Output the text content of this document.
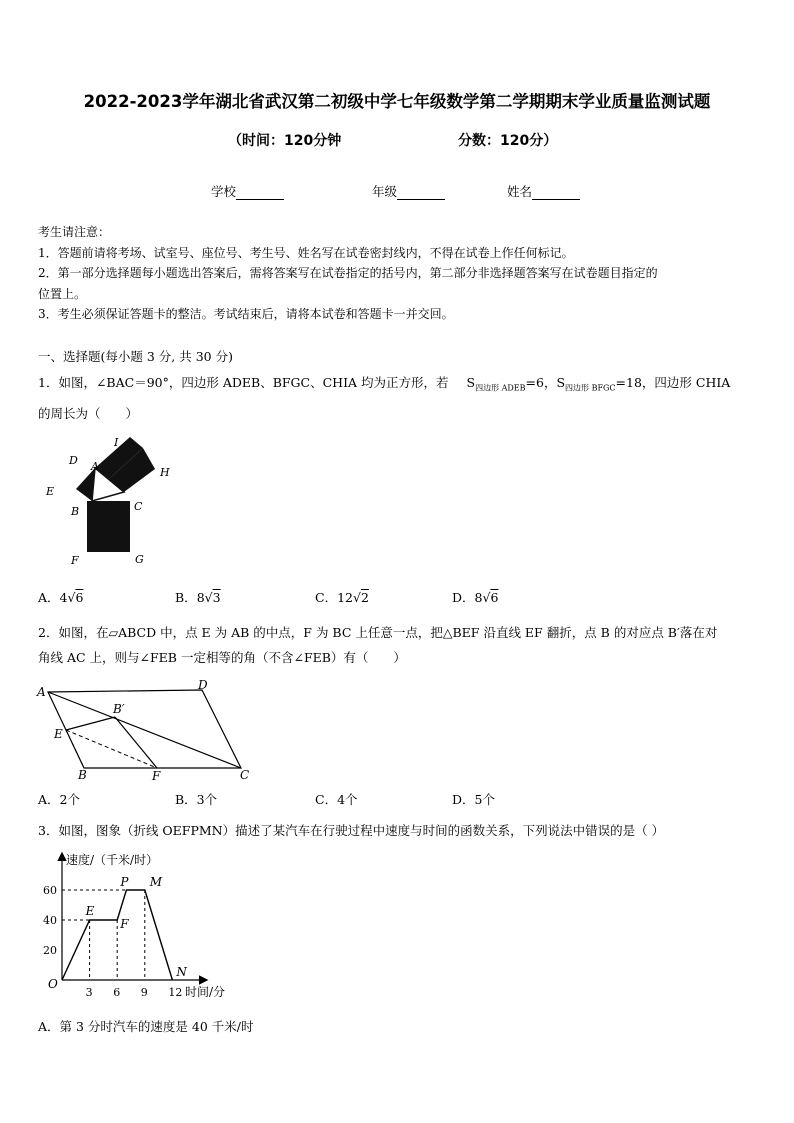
2022-2023学年湖北省武汉第二初级中学七年级数学第二学期期末学业质量监测试题
（时间：120分钟	分数：120分）
学校	年级	姓名
考生请注意：
1．答题前请将考场、试室号、座位号、考生号、姓名写在试卷密封线内，不得在试卷上作任何标记。
2．第一部分选择题每小题选出答案后，需将答案写在试卷指定的括号内，第二部分非选择题答案写在试卷题目指定的
位置上。
3．考生必须保证答题卡的整洁。考试结束后，请将本试卷和答题卡一并交回。
一、选择题(每小题 3 分, 共 30 分)
1．如图，∠BAC＝90°，四边形 ADEB、BFGC、CHIA 均为正方形，若 $S_{四边形 ADEB}=6$，$S_{四边形 BFGC}=18$，四边形 CHIA
的周长为（　　）
I
D A	H
E
C
B
F	G
A．4√6	B．8√3	C．12√2	D．8√6
2．如图，在▱ABCD 中，点 E 为 AB 的中点，F 为 BC 上任意一点，把△BEF 沿直线 EF 翻折，点 B 的对应点 B′落在对
角线 AC 上，则与∠FEB 一定相等的角（不含∠FEB）有（　　）
A	D
B′
E
B	F	C
A．2个	B．3个	C．4个	D．5个
3．如图，图象（折线 OEFPMN）描述了某汽车在行驶过程中速度与时间的函数关系，下列说法中错误的是（ ）
速度/（千米/时）
时间/分
O
3 6 9 12
20
40
60
E
F
P M
N
A．第 3 分时汽车的速度是 40 千米/时
